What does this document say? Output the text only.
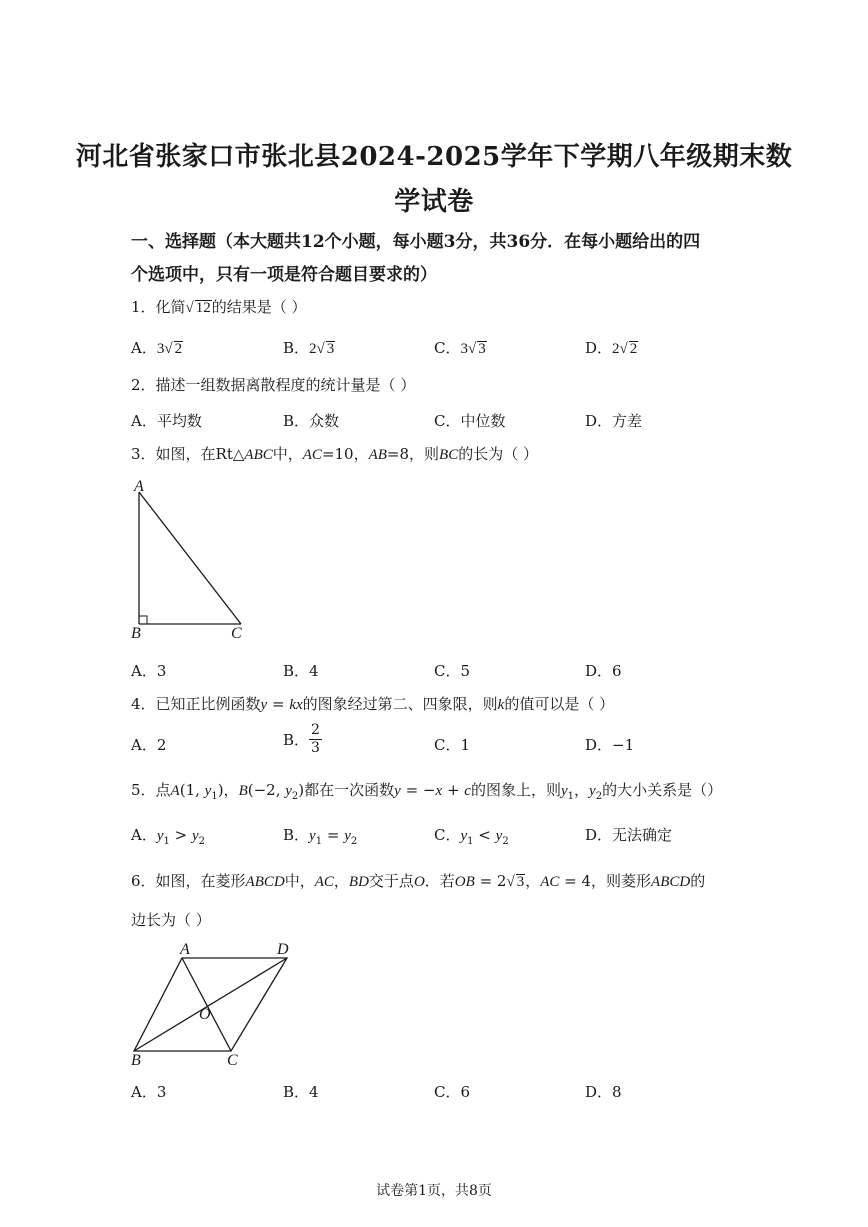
河北省张家口市张北县2024-2025学年下学期八年级期末数
学试卷
一、选择题（本大题共12个小题，每小题3分，共36分．在每小题给出的四
个选项中，只有一项是符合题目要求的）
1．化简√ 12的结果是（ ）
A．3√ 2	B．2√ 3	C．3√ 3	D．2√ 2
2．描述一组数据离散程度的统计量是（ ）
A．平均数	B．众数	C．中位数	D．方差
3．如图，在Rt△ABC中，AC=10，AB=8，则BC的长为（ ）
A
B	C
A．3	B．4	C．5	D．6
4．已知正比例函数y = kx的图象经过第二、四象限，则k的值可以是（ ）
A．2	B． $\frac{2}{3}$	C．1	D．−1
5．点A(1, $y_1$)，B(−2, $y_2$)都在一次函数y = −x + c的图象上，则$y_1$，$y_2$的大小关系是（）
A．$y_1 > y_2$	B．$y_1 = y_2$	C．$y_1 < y_2$	D．无法确定
6．如图，在菱形ABCD中，AC，BD交于点O．若OB = 2√ 3，AC = 4，则菱形ABCD的
边长为（ ）
A	D
O
B	C
A．3	B．4	C．6	D．8
试卷第1页，共8页
